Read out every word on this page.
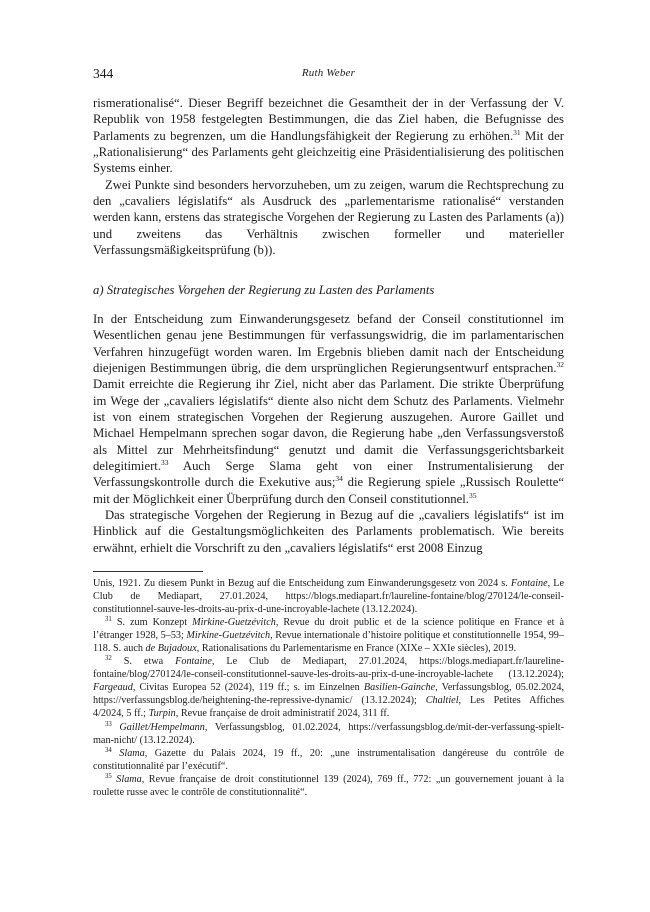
344	Ruth Weber

rismerationalisé“. Dieser Begriff bezeichnet die Gesamtheit der in der Verfassung der V. Republik von 1958 festgelegten Bestimmungen, die das Ziel haben, die Befugnisse des Parlaments zu begrenzen, um die Handlungsfähigkeit der Regierung zu erhöhen.$^{31}$ Mit der „Rationalisierung“ des Parlaments geht gleichzeitig eine Präsidentialisierung des politischen Systems einher.

Zwei Punkte sind besonders hervorzuheben, um zu zeigen, warum die Rechtsprechung zu den „cavaliers législatifs“ als Ausdruck des „parlementarisme rationalisé“ verstanden werden kann, erstens das strategische Vorgehen der Regierung zu Lasten des Parlaments (a)) und zweitens das Verhältnis zwischen formeller und materieller Verfassungsmäßigkeitsprüfung (b)).

a) Strategisches Vorgehen der Regierung zu Lasten des Parlaments

In der Entscheidung zum Einwanderungsgesetz befand der Conseil constitutionnel im Wesentlichen genau jene Bestimmungen für verfassungswidrig, die im parlamentarischen Verfahren hinzugefügt worden waren. Im Ergebnis blieben damit nach der Entscheidung diejenigen Bestimmungen übrig, die dem ursprünglichen Regierungsentwurf entsprachen.$^{32}$ Damit erreichte die Regierung ihr Ziel, nicht aber das Parlament. Die strikte Überprüfung im Wege der „cavaliers législatifs“ diente also nicht dem Schutz des Parlaments. Vielmehr ist von einem strategischen Vorgehen der Regierung auszugehen. Aurore Gaillet und Michael Hempelmann sprechen sogar davon, die Regierung habe „den Verfassungsverstoß als Mittel zur Mehrheitsfindung“ genutzt und damit die Verfassungsgerichtsbarkeit delegitimiert.$^{33}$ Auch Serge Slama geht von einer Instrumentalisierung der Verfassungskontrolle durch die Exekutive aus;$^{34}$ die Regierung spiele „Russisch Roulette“ mit der Möglichkeit einer Überprüfung durch den Conseil constitutionnel.$^{35}$

Das strategische Vorgehen der Regierung in Bezug auf die „cavaliers législatifs“ ist im Hinblick auf die Gestaltungsmöglichkeiten des Parlaments problematisch. Wie bereits erwähnt, erhielt die Vorschrift zu den „cavaliers législatifs“ erst 2008 Einzug

Unis, 1921. Zu diesem Punkt in Bezug auf die Entscheidung zum Einwanderungsgesetz von 2024 s. Fontaine, Le Club de Mediapart, 27.01.2024, https://blogs.mediapart.fr/laureline-fontaine/blog/270124/le-conseil-constitutionnel-sauve-les-droits-au-prix-d-une-incroyable-lachete (13.12.2024).

$^{31}$ S. zum Konzept Mirkine-Guetzévitch, Revue du droit public et de la science politique en France et à l’étranger 1928, 5–53; Mirkine-Guetzévitch, Revue internationale d’histoire politique et constitutionnelle 1954, 99–118. S. auch de Bujadoux, Rationalisations du Parlementarisme en France (XIXe – XXIe siècles), 2019.

$^{32}$ S. etwa Fontaine, Le Club de Mediapart, 27.01.2024, https://blogs.mediapart.fr/laureline-fontaine/blog/270124/le-conseil-constitutionnel-sauve-les-droits-au-prix-d-une-incroyable-lachete (13.12.2024); Fargeaud, Civitas Europea 52 (2024), 119 ff.; s. im Einzelnen Basilien-Gainche, Verfassungsblog, 05.02.2024, https://verfassungsblog.de/heightening-the-repressive-dynamic/ (13.12.2024); Chaltiel, Les Petites Affiches 4/2024, 5 ff.; Turpin, Revue française de droit administratif 2024, 311 ff.

$^{33}$ Gaillet/Hempelmann, Verfassungsblog, 01.02.2024, https://verfassungsblog.de/mit-der-verfassung-spielt-man-nicht/ (13.12.2024).

$^{34}$ Slama, Gazette du Palais 2024, 19 ff., 20: „une instrumentalisation dangéreuse du contrôle de constitutionnalité par l’exécutif“.

$^{35}$ Slama, Revue française de droit constitutionnel 139 (2024), 769 ff., 772: „un gouvernement jouant à la roulette russe avec le contrôle de constitutionnalité“.
